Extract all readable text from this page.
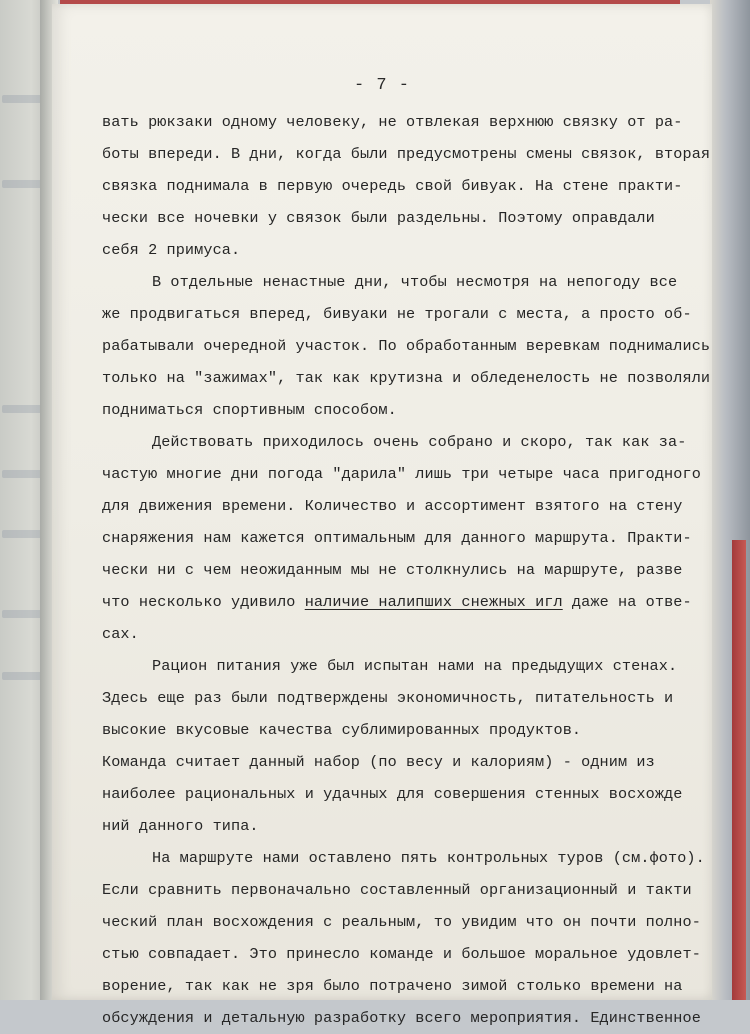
- 7 -
вать рюкзаки одному человеку, не отвлекая верхнюю связку от ра-
боты впереди. В дни, когда были предусмотрены смены связок, вторая
связка поднимала в первую очередь свой бивуак. На стене практи-
чески все ночевки у связок были раздельны. Поэтому оправдали
себя 2 примуса.
В отдельные ненастные дни, чтобы несмотря на непогоду все
же продвигаться вперед, бивуаки не трогали с места, а просто об-
рабатывали очередной участок. По обработанным веревкам поднимались
только на "зажимах", так как крутизна и обледенелость не позволяли
подниматься спортивным способом.
Действовать приходилось очень собрано и скоро, так как за-
частую многие дни погода "дарила" лишь три четыре часа пригодного
для движения времени. Количество и ассортимент взятого на стену
снаряжения нам кажется оптимальным для данного маршрута. Практи-
чески ни с чем неожиданным мы не столкнулись на маршруте, разве
что несколько удивило наличие налипших снежных игл даже на отве-
сах.
Рацион питания уже был испытан нами на предыдущих стенах.
Здесь еще раз были подтверждены экономичность, питательность и
высокие вкусовые качества сублимированных продуктов.
Команда считает данный набор (по весу и калориям) - одним из
наиболее рациональных и удачных для совершения стенных восхожде
ний данного типа.
На маршруте нами оставлено пять контрольных туров (см.фото).
Если сравнить первоначально составленный организационный и такти
ческий план восхождения с реальным, то увидим что он почти полно-
стью совпадает. Это принесло команде и большое моральное удовлет-
ворение, так как не зря было потрачено зимой столько времени на
обсуждения и детальную разработку всего мероприятия. Единственное
